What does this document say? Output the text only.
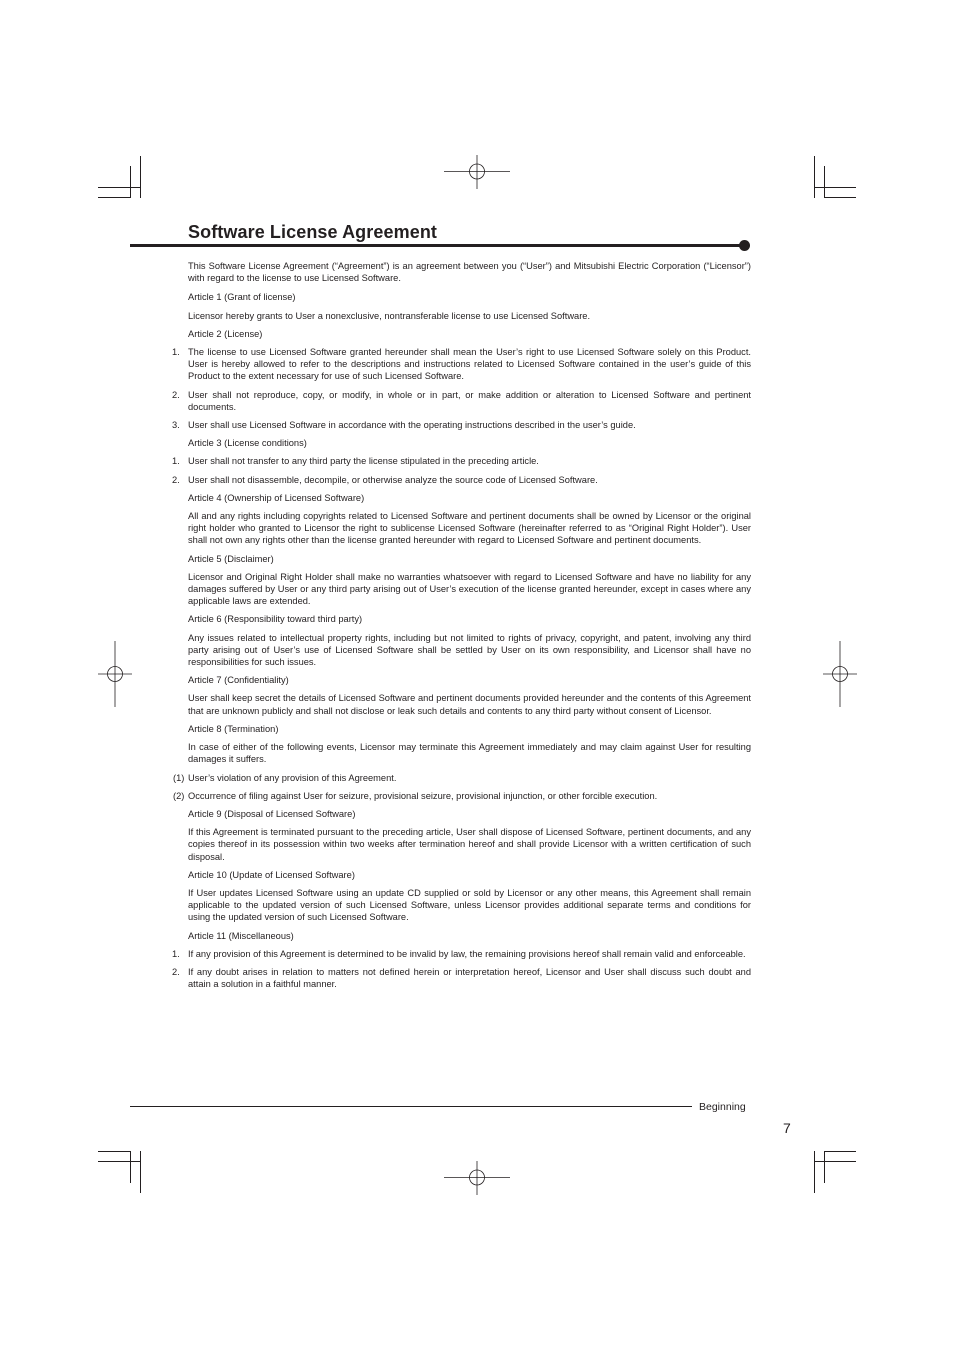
Software License Agreement

This Software License Agreement (“Agreement”) is an agreement between you (“User”) and Mitsubishi Electric Corporation (“Licensor”) with regard to the license to use Licensed Software.

Article 1 (Grant of license)

Licensor hereby grants to User a nonexclusive, nontransferable license to use Licensed Software.

Article 2 (License)

1. The license to use Licensed Software granted hereunder shall mean the User’s right to use Licensed Software solely on this Product. User is hereby allowed to refer to the descriptions and instructions related to Licensed Software contained in the user’s guide of this Product to the extent necessary for use of such Licensed Software.

2. User shall not reproduce, copy, or modify, in whole or in part, or make addition or alteration to Licensed Software and pertinent documents.

3. User shall use Licensed Software in accordance with the operating instructions described in the user’s guide.

Article 3 (License conditions)

1. User shall not transfer to any third party the license stipulated in the preceding article.

2. User shall not disassemble, decompile, or otherwise analyze the source code of Licensed Software.

Article 4 (Ownership of Licensed Software)

All and any rights including copyrights related to Licensed Software and pertinent documents shall be owned by Licensor or the original right holder who granted to Licensor the right to sublicense Licensed Software (hereinafter referred to as “Original Right Holder”). User shall not own any rights other than the license granted hereunder with regard to Licensed Software and pertinent documents.

Article 5 (Disclaimer)

Licensor and Original Right Holder shall make no warranties whatsoever with regard to Licensed Software and have no liability for any damages suffered by User or any third party arising out of User’s execution of the license granted hereunder, except in cases where any applicable laws are extended.

Article 6 (Responsibility toward third party)

Any issues related to intellectual property rights, including but not limited to rights of privacy, copyright, and patent, involving any third party arising out of User’s use of Licensed Software shall be settled by User on its own responsibility, and Licensor shall have no responsibilities for such issues.

Article 7 (Confidentiality)

User shall keep secret the details of Licensed Software and pertinent documents provided hereunder and the contents of this Agreement that are unknown publicly and shall not disclose or leak such details and contents to any third party without consent of Licensor.

Article 8 (Termination)

In case of either of the following events, Licensor may terminate this Agreement immediately and may claim against User for resulting damages it suffers.

(1) User’s violation of any provision of this Agreement.

(2) Occurrence of filing against User for seizure, provisional seizure, provisional injunction, or other forcible execution.

Article 9 (Disposal of Licensed Software)

If this Agreement is terminated pursuant to the preceding article, User shall dispose of Licensed Software, pertinent documents, and any copies thereof in its possession within two weeks after termination hereof and shall provide Licensor with a written certification of such disposal.

Article 10 (Update of Licensed Software)

If User updates Licensed Software using an update CD supplied or sold by Licensor or any other means, this Agreement shall remain applicable to the updated version of such Licensed Software, unless Licensor provides additional separate terms and conditions for using the updated version of such Licensed Software.

Article 11 (Miscellaneous)

1. If any provision of this Agreement is determined to be invalid by law, the remaining provisions hereof shall remain valid and enforceable.

2. If any doubt arises in relation to matters not defined herein or interpretation hereof, Licensor and User shall discuss such doubt and attain a solution in a faithful manner.

Beginning
7
